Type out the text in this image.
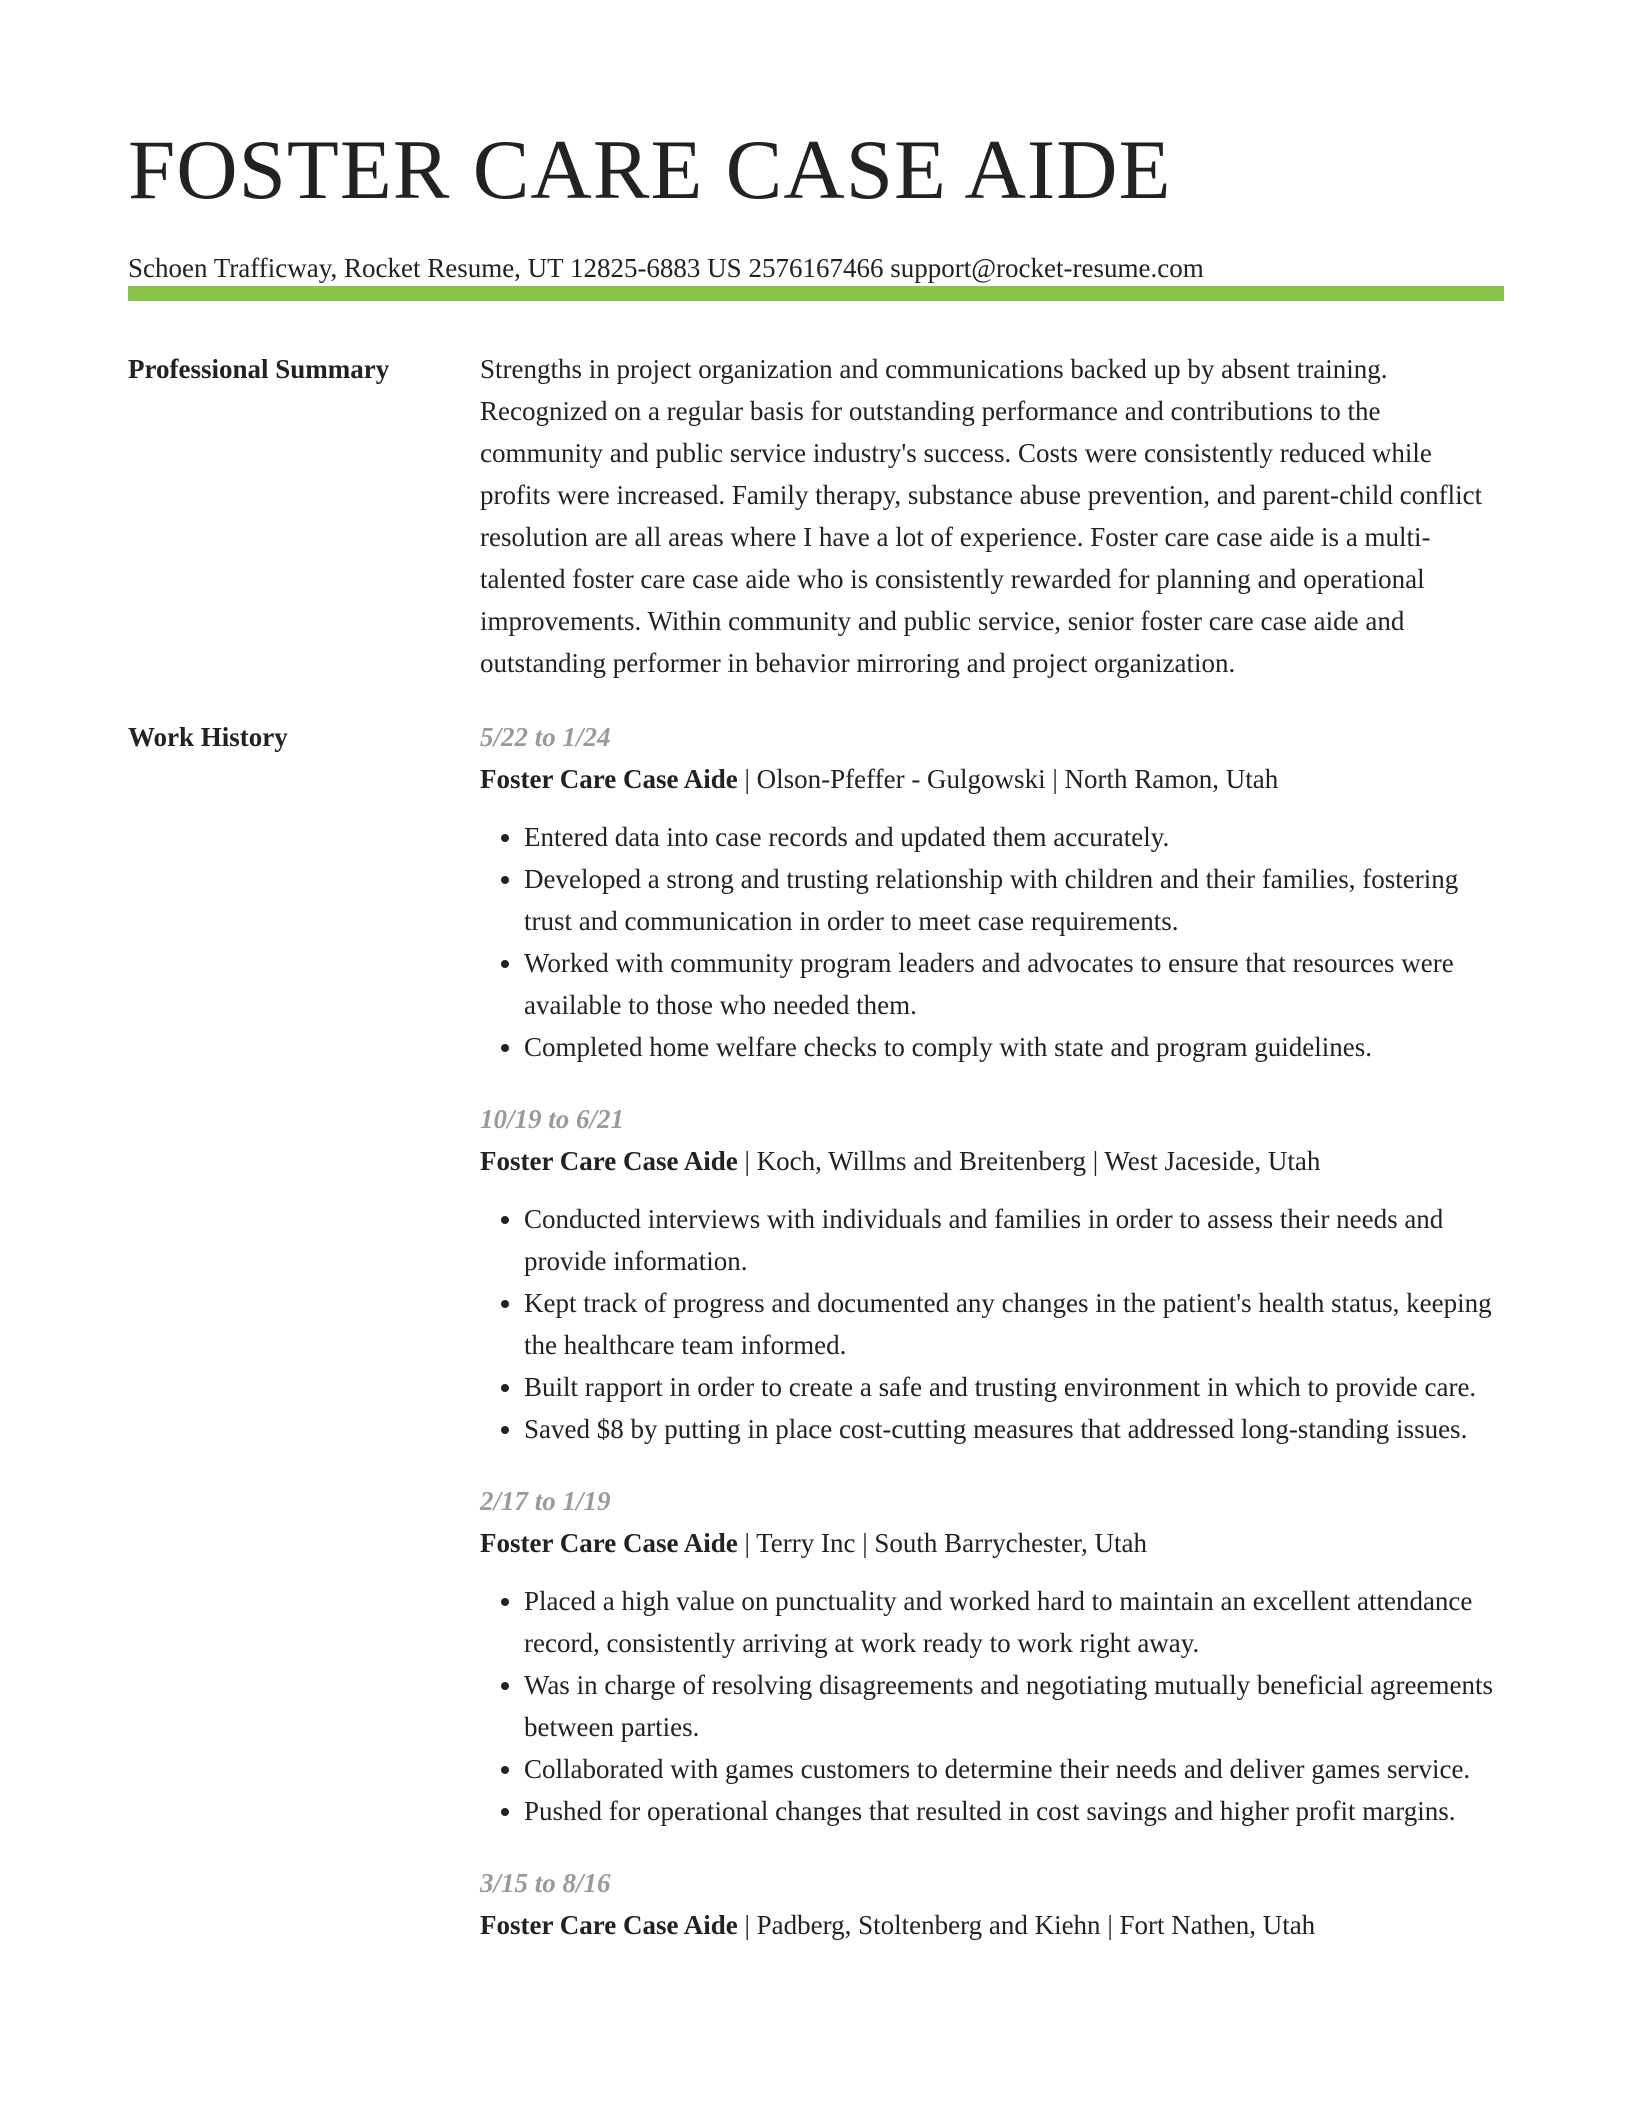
FOSTER CARE CASE AIDE
Schoen Trafficway, Rocket Resume, UT 12825-6883 US 2576167466 support@rocket-resume.com
Professional Summary	Strengths in project organization and communications backed up by absent training. Recognized on a regular basis for outstanding performance and contributions to the community and public service industry's success. Costs were consistently reduced while profits were increased. Family therapy, substance abuse prevention, and parent-child conflict resolution are all areas where I have a lot of experience. Foster care case aide is a multi-talented foster care case aide who is consistently rewarded for planning and operational improvements. Within community and public service, senior foster care case aide and outstanding performer in behavior mirroring and project organization.

Work History	5/22 to 1/24
Foster Care Case Aide | Olson-Pfeffer - Gulgowski | North Ramon, Utah
• Entered data into case records and updated them accurately.
• Developed a strong and trusting relationship with children and their families, fostering trust and communication in order to meet case requirements.
• Worked with community program leaders and advocates to ensure that resources were available to those who needed them.
• Completed home welfare checks to comply with state and program guidelines.
10/19 to 6/21
Foster Care Case Aide | Koch, Willms and Breitenberg | West Jaceside, Utah
• Conducted interviews with individuals and families in order to assess their needs and provide information.
• Kept track of progress and documented any changes in the patient's health status, keeping the healthcare team informed.
• Built rapport in order to create a safe and trusting environment in which to provide care.
• Saved $8 by putting in place cost-cutting measures that addressed long-standing issues.
2/17 to 1/19
Foster Care Case Aide | Terry Inc | South Barrychester, Utah
• Placed a high value on punctuality and worked hard to maintain an excellent attendance record, consistently arriving at work ready to work right away.
• Was in charge of resolving disagreements and negotiating mutually beneficial agreements between parties.
• Collaborated with games customers to determine their needs and deliver games service.
• Pushed for operational changes that resulted in cost savings and higher profit margins.
3/15 to 8/16
Foster Care Case Aide | Padberg, Stoltenberg and Kiehn | Fort Nathen, Utah
